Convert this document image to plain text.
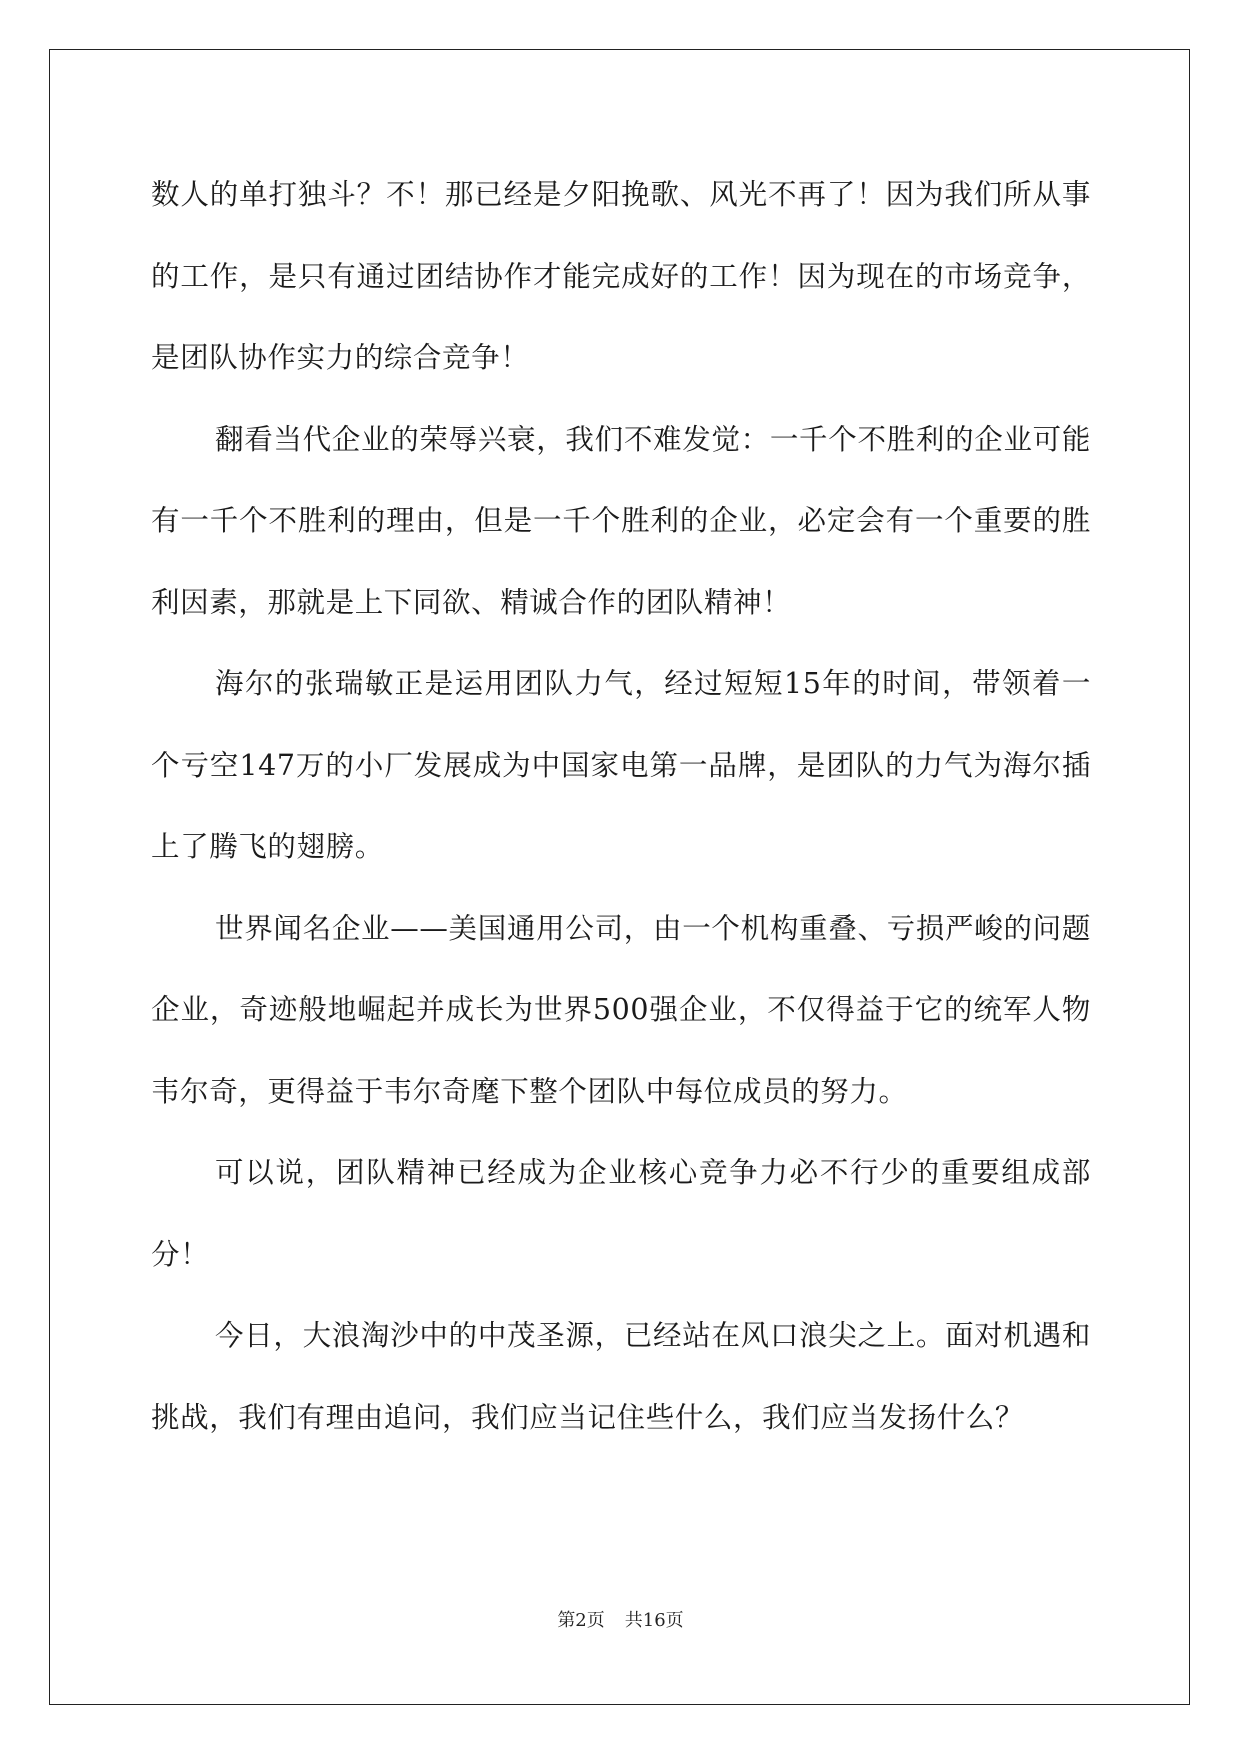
数人的单打独斗？不！那已经是夕阳挽歌、风光不再了！因为我们所从事的工作，是只有通过团结协作才能完成好的工作！因为现在的市场竞争，是团队协作实力的综合竞争！

翻看当代企业的荣辱兴衰，我们不难发觉：一千个不胜利的企业可能有一千个不胜利的理由，但是一千个胜利的企业，必定会有一个重要的胜利因素，那就是上下同欲、精诚合作的团队精神！

海尔的张瑞敏正是运用团队力气，经过短短15年的时间，带领着一个亏空147万的小厂发展成为中国家电第一品牌，是团队的力气为海尔插上了腾飞的翅膀。

世界闻名企业——美国通用公司，由一个机构重叠、亏损严峻的问题企业，奇迹般地崛起并成长为世界500强企业，不仅得益于它的统军人物韦尔奇，更得益于韦尔奇麾下整个团队中每位成员的努力。

可以说，团队精神已经成为企业核心竞争力必不行少的重要组成部分！

今日，大浪淘沙中的中茂圣源，已经站在风口浪尖之上。面对机遇和挑战，我们有理由追问，我们应当记住些什么，我们应当发扬什么？

第2页 共16页
